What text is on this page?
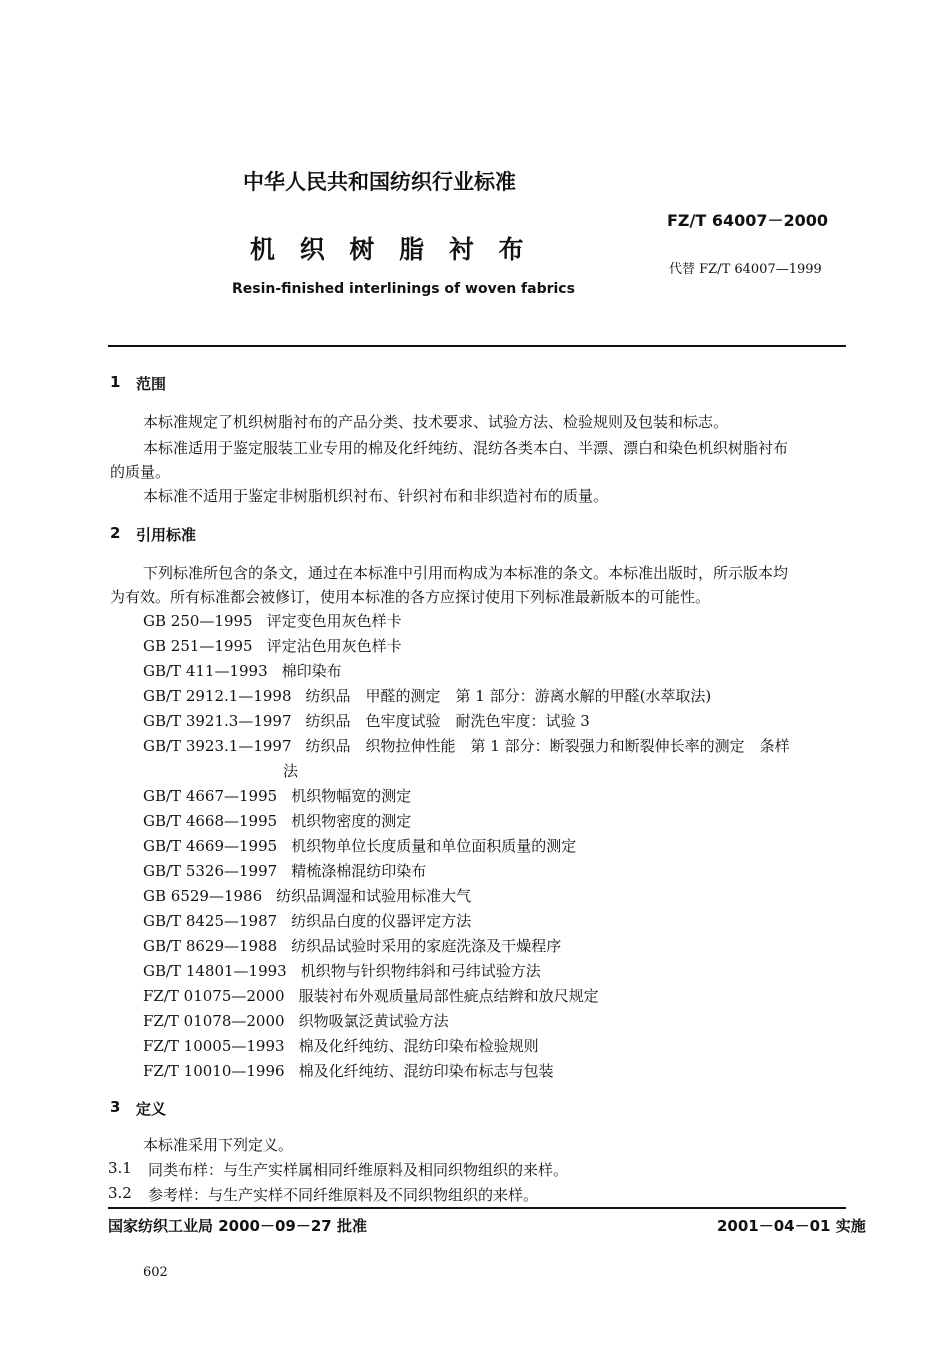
中华人民共和国纺织行业标准
FZ/T 64007－2000
机 织 树 脂 衬 布
代替 FZ/T 64007—1999
Resin-finished interlinings of woven fabrics
1 范围
本标准规定了机织树脂衬布的产品分类、技术要求、试验方法、检验规则及包装和标志。
本标准适用于鉴定服装工业专用的棉及化纤纯纺、混纺各类本白、半漂、漂白和染色机织树脂衬布
的质量。
本标准不适用于鉴定非树脂机织衬布、针织衬布和非织造衬布的质量。
2 引用标准
下列标准所包含的条文，通过在本标准中引用而构成为本标准的条文。本标准出版时，所示版本均
为有效。所有标准都会被修订，使用本标准的各方应探讨使用下列标准最新版本的可能性。
GB 250—1995 评定变色用灰色样卡
GB 251—1995 评定沾色用灰色样卡
GB/T 411—1993 棉印染布
GB/T 2912.1—1998 纺织品　甲醛的测定　第 1 部分：游离水解的甲醛(水萃取法)
GB/T 3921.3—1997 纺织品　色牢度试验　耐洗色牢度：试验 3
GB/T 3923.1—1997 纺织品　织物拉伸性能　第 1 部分：断裂强力和断裂伸长率的测定　条样
法
GB/T 4667—1995 机织物幅宽的测定
GB/T 4668—1995 机织物密度的测定
GB/T 4669—1995 机织物单位长度质量和单位面积质量的测定
GB/T 5326—1997 精梳涤棉混纺印染布
GB 6529—1986 纺织品调湿和试验用标准大气
GB/T 8425—1987 纺织品白度的仪器评定方法
GB/T 8629—1988 纺织品试验时采用的家庭洗涤及干燥程序
GB/T 14801—1993 机织物与针织物纬斜和弓纬试验方法
FZ/T 01075—2000 服装衬布外观质量局部性疵点结辫和放尺规定
FZ/T 01078—2000 织物吸氯泛黄试验方法
FZ/T 10005—1993 棉及化纤纯纺、混纺印染布检验规则
FZ/T 10010—1996 棉及化纤纯纺、混纺印染布标志与包装
3 定义
本标准采用下列定义。
3.1 同类布样：与生产实样属相同纤维原料及相同织物组织的来样。
3.2 参考样：与生产实样不同纤维原料及不同织物组织的来样。
国家纺织工业局 2000－09－27 批准	2001－04－01 实施
602
